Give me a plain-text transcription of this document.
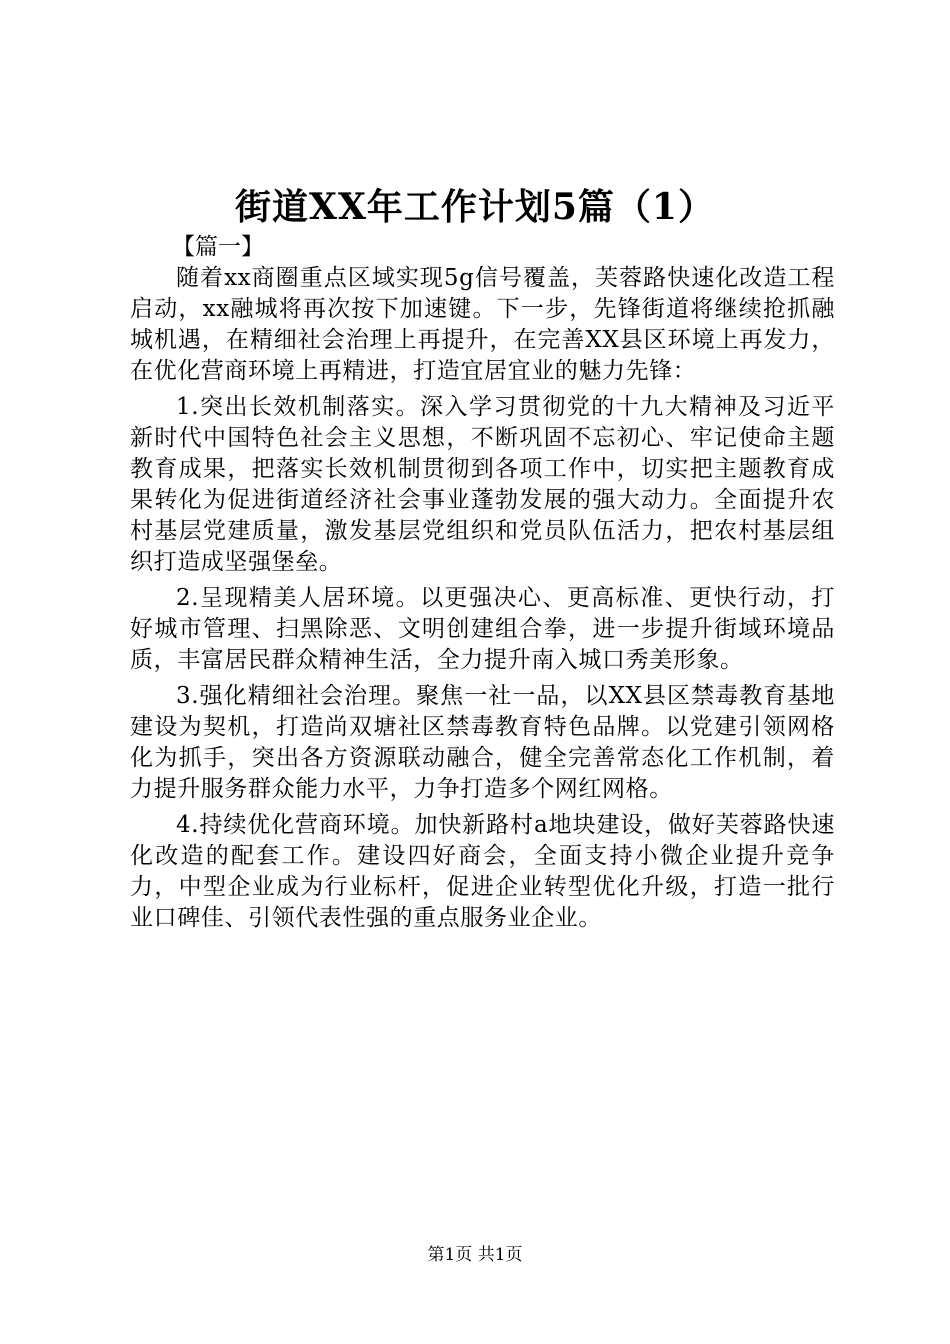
街道XX年工作计划5篇（1）

【篇一】

随着xx商圈重点区域实现5g信号覆盖，芙蓉路快速化改造工程启动，xx融城将再次按下加速键。下一步，先锋街道将继续抢抓融城机遇，在精细社会治理上再提升，在完善XX县区环境上再发力，在优化营商环境上再精进，打造宜居宜业的魅力先锋：

1.突出长效机制落实。深入学习贯彻党的十九大精神及习近平新时代中国特色社会主义思想，不断巩固不忘初心、牢记使命主题教育成果，把落实长效机制贯彻到各项工作中，切实把主题教育成果转化为促进街道经济社会事业蓬勃发展的强大动力。全面提升农村基层党建质量，激发基层党组织和党员队伍活力，把农村基层组织打造成坚强堡垒。

2.呈现精美人居环境。以更强决心、更高标准、更快行动，打好城市管理、扫黑除恶、文明创建组合拳，进一步提升街域环境品质，丰富居民群众精神生活，全力提升南入城口秀美形象。

3.强化精细社会治理。聚焦一社一品，以XX县区禁毒教育基地建设为契机，打造尚双塘社区禁毒教育特色品牌。以党建引领网格化为抓手，突出各方资源联动融合，健全完善常态化工作机制，着力提升服务群众能力水平，力争打造多个网红网格。

4.持续优化营商环境。加快新路村a地块建设，做好芙蓉路快速化改造的配套工作。建设四好商会，全面支持小微企业提升竞争力，中型企业成为行业标杆，促进企业转型优化升级，打造一批行业口碑佳、引领代表性强的重点服务业企业。

第1页 共1页
